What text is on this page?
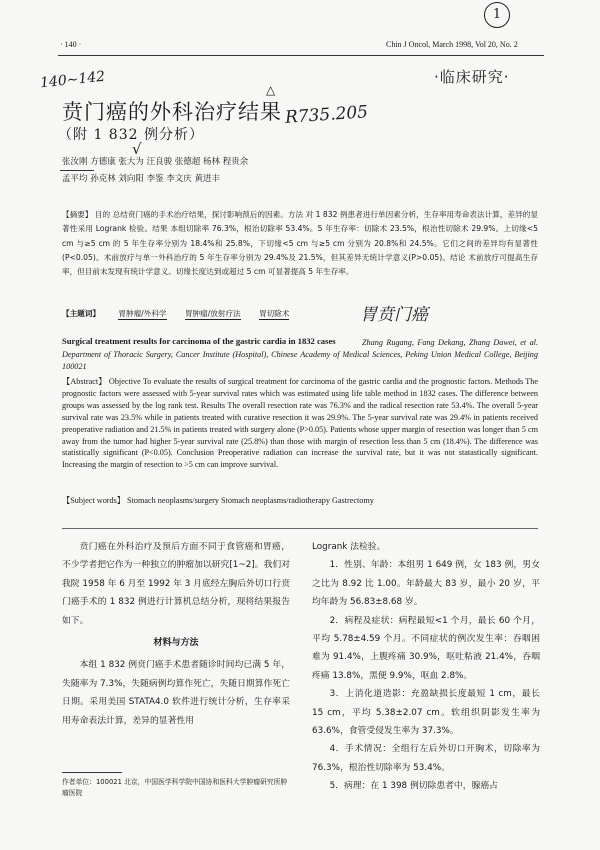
· 140 ·	Chin J Oncol, March 1998, Vol 20, No. 2
1
·临床研究·
140~142
R735.205
△
贲门癌的外科治疗结果
（附 1 832 例分析）
张汝刚 方德康 张大为 汪良骏 张德超 杨林 程贵余
孟平均 孙克林 刘向阳 李鉴 李文庆 黄进丰
√
【摘要】 目的 总结贲门癌的手术治疗结果，探讨影响预后的因素。方法 对 1 832 例患者进行单因素分析，生存率用寿命表法计算，差异的显著性采用 Logrank 检验。结果 本组切除率 76.3%，根治切除率 53.4%。5 年生存率：切除术 23.5%，根治性切除术 29.9%。上切缘<5 cm 与≥5 cm 的 5 年生存率分别为 18.4%和 25.8%，下切缘<5 cm 与≥5 cm 分别为 20.8%和 24.5%。它们之间的差异均有显著性(P<0.05)。术前放疗与单一外科治疗的 5 年生存率分别为 29.4%及 21.5%，但其差异无统计学意义(P>0.05)。结论 术前放疗可提高生存率，但目前未发现有统计学意义。切缘长度达到或超过 5 cm 可显著提高 5 年生存率。
【主题词】 胃肿瘤/外科学 胃肿瘤/放射疗法 胃切除术	胃贲门癌
Surgical treatment results for carcinoma of the gastric cardia in 1832 cases	Zhang Rugang, Fang Dekang, Zhang Dawei, et al. Department of Thoracic Surgery, Cancer Institute (Hospital), Chinese Academy of Medical Sciences, Peking Union Medical College, Beijing 100021
【Abstract】 Objective To evaluate the results of surgical treatment for carcinoma of the gastric cardia and the prognostic factors. Methods The prognostic factors were assessed with 5-year survival rates which was estimated using life table method in 1832 cases. The difference between groups was assessed by the log rank test. Results The overall resection rate was 76.3% and the radical resection rate 53.4%. The overall 5-year survival rate was 23.5% while in patients treated with curative resection it was 29.9%. The 5-year survival rate was 29.4% in patients received preoperative radiation and 21.5% in patients treated with surgery alone (P>0.05). Patients whose upper margin of resection was longer than 5 cm away from the tumor had higher 5-year survival rate (25.8%) than those with margin of resection less than 5 cm (18.4%). The difference was statistically significant (P<0.05). Conclusion Preoperative radiation can increase the survival rate, but it was not statastically significant. Increasing the margin of resection to >5 cm can improve survival.
【Subject words】 Stomach neoplasms/surgery Stomach neoplasms/radiotherapy Gastrectomy

贲门癌在外科治疗及预后方面不同于食管癌和胃癌，不少学者把它作为一种独立的肿瘤加以研究[1~2]。我们对我院 1958 年 6 月至 1992 年 3 月底经左胸后外切口行贲门癌手术的 1 832 例进行计算机总结分析，现将结果报告如下。

材料与方法

本组 1 832 例贲门癌手术患者随诊时间均已满 5 年，失随率为 7.3%，失随病例均算作死亡，失随日期算作死亡日期。采用美国 STATA4.0 软件进行统计分析，生存率采用寿命表法计算，差异的显著性用

作者单位：100021 北京，中国医学科学院中国协和医科大学肿瘤研究所肿瘤医院

Logrank 法检验。

1．性别、年龄：本组男 1 649 例，女 183 例，男女之比为 8.92 比 1.00。年龄最大 83 岁，最小 20 岁，平均年龄为 56.83±8.68 岁。

2．病程及症状：病程最短<1 个月，最长 60 个月，平均 5.78±4.59 个月。不同症状的例次发生率：吞咽困难为 91.4%，上腹疼痛 30.9%，呕吐粘液 21.4%，吞咽疼痛 13.8%，黑便 9.9%，呕血 2.8%。

3．上消化道造影：充盈缺损长度最短 1 cm，最长 15 cm，平均 5.38±2.07 cm。软组织阴影发生率为 63.6%，食管受侵发生率为 37.3%。

4．手术情况：全组行左后外切口开胸术，切除率为 76.3%，根治性切除率为 53.4%。

5．病理：在 1 398 例切除患者中，腺癌占
